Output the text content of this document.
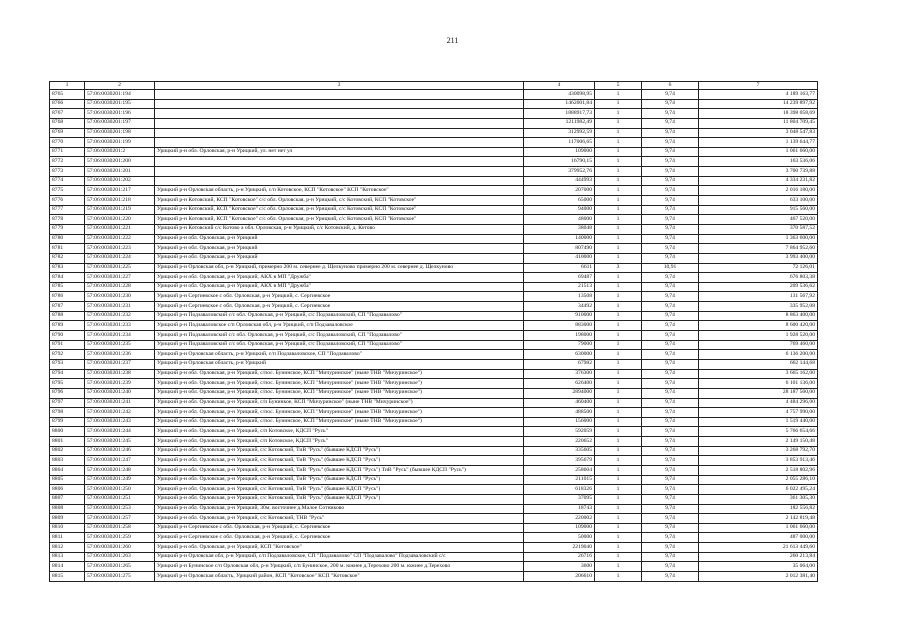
211
1	2	3	4	5	6	7
8765	57:06:0030201:194		430098,95	1	9,74	4 189 163,77
8766	57:06:0030201:195		1462001,84	1	9,74	14 239 897,92
8767	57:06:0030201:196		1888917,73	1	9,74	18 398 058,69
8768	57:06:0030201:197		1211982,49	1	9,74	11 804 709,45
8769	57:06:0030201:198		312992,59	1	9,74	3 048 547,83
8770	57:06:0030201:199		117006,65	1	9,74	1 139 644,77
8771	57:06:0030201:2	Урицкий р-н обл. Орловская, р-н Урицкий, ул. нет нет ул	109000	1	9,74	1 061 660,00
8772	57:06:0030201:200		16790,15	1	9,74	163 536,06
8773	57:06:0030201:201		379952,76	1	9,74	3 700 739,88
8774	57:06:0030201:202		444993	1	9,74	4 334 231,82
8775	57:06:0030201:217	Урицкий р-н Орловская область, р-н Урицкий, с/п Котовское, КСП "Котовское" КСП "Котовское"	207000	1	9,74	2 016 180,00
8776	57:06:0030201:218	Урицкий р-н Котовский, КСП "Котовское" с/с обл. Орловская, р-н Урицкий, с/с Котовский, КСП "Котовское"	65000	1	9,74	633 100,00
8777	57:06:0030201:219	Урицкий р-н Котовский, КСП "Котовское" с/с обл. Орловская, р-н Урицкий, с/с Котовский, КСП "Котовское"	94000	1	9,74	915 560,00
8778	57:06:0030201:220	Урицкий р-н Котовский, КСП "Котовское" с/с обл. Орловская, р-н Урицкий, с/с Котовский, КСП "Котовское"	48000	1	9,74	467 520,00
8779	57:06:0030201:221	Урицкий р-н Котовский с/с Котово а обл. Орловская, р-н Урицкий, с/с Котовский, д. Котово	38048	1	9,74	370 587,52
8780	57:06:0030201:222	Урицкий р-н обл. Орловская, р-н Урицкий	140000	1	9,74	1 363 600,00
8781	57:06:0030201:223	Урицкий р-н обл. Орловская, р-н Урицкий	807490	1	9,74	7 864 952,60
8782	57:06:0030201:224	Урицкий р-н обл. Орловская, р-н Урицкий	410000	1	9,74	3 993 400,00
8783	57:06:0030201:225	Урицкий р-н Орловская обл, р-н Урицкий, примерно 200 м. севернее д. Щелкуново примерно 200 м. севернее д. Щелкуново	6611	3	10,91	72 126,01
8784	57:06:0030201:227	Урицкий р-н обл. Орловская, р-н Урицкий, АКХ в МП "Дружба"	69487	1	9,74	676 803,38
8785	57:06:0030201:228	Урицкий р-н обл. Орловская, р-н Урицкий, АКХ в МП "Дружба"	21513	1	9,74	209 536,62
8786	57:06:0030201:230	Урицкий р-н Сергиевское с обл. Орловская, р-н Урицкий, с. Сергиевское	13508	1	9,74	131 567,92
8787	57:06:0030201:231	Урицкий р-н Сергиевское с обл. Орловская, р-н Урицкий, с. Сергиевское	34492	1	9,74	335 952,08
8788	57:06:0030201:232	Урицкий р-н Подзаваловский с/с обл. Орловская, р-н Урицкий, с/с Подзаваловский, СП "Подзавалово"	910000	1	9,74	8 863 400,00
8789	57:06:0030201:233	Урицкий р-н Подзаваловское с/п Орловская обл, р-н Урицкий, с/п Подзаваловское	883000	1	9,74	8 600 420,00
8790	57:06:0030201:234	Урицкий р-н Подзаваловский с/с обл. Орловская, р-н Урицкий, с/с Подзаваловский, СП "Подзавалово"	198000	1	9,74	1 928 520,00
8791	57:06:0030201:235	Урицкий р-н Подзаваловский с/с обл. Орловская, р-н Урицкий, с/с Подзаваловский, СП "Подзавалово"	79000	1	9,74	769 460,00
8792	57:06:0030201:236	Урицкий р-н Орловская область, р-н Урицкий, с/п Подзаваловское, СП "Подзавалово"	630000	1	9,74	6 136 200,00
8793	57:06:0030201:237	Урицкий р-н Орловская область, р-н Урицкий	67982	1	9,74	662 144,68
8794	57:06:0030201:238	Урицкий р-н обл. Орловская, р-н Урицкий, с/пос. Бунинское, КСП "Мичуринское" (ныне ТНВ "Мичуринское")	376300	1	9,74	3 665 162,00
8795	57:06:0030201:239	Урицкий р-н обл. Орловская, р-н Урицкий, с/пос. Бунинское, КСП "Мичуринское" (ныне ТНВ "Мичуринское")	626400	1	9,74	6 101 136,00
8796	57:06:0030201:240	Урицкий р-н обл. Орловская, р-н Урицкий, с/пос. Бунинское, КСП "Мичуринское" (ныне ТНВ "Мичуринское")	2894000	1	9,74	28 187 560,00
8797	57:06:0030201:241	Урицкий р-н обл. Орловская, р-н Урицкий, с/п Бунинкое, КСП "Мичуринское" (ныне ТНВ "Мичуринское")	460400	1	9,74	4 484 296,00
8798	57:06:0030201:242	Урицкий р-н обл. Орловская, р-н Урицкий, с/пос. Бунинское, КСП "Мичуринское" (ныне ТНВ "Мичуринское")	488500	1	9,74	4 757 990,00
8799	57:06:0030201:243	Урицкий р-н обл. Орловская, р-н Урицкий, с/пос. Бунинское, КСП "Мичуринское" (ныне ТНВ "Мичуринское")	156000	1	9,74	1 519 440,00
8800	57:06:0030201:244	Урицкий р-н обл. Орловская, р-н Урицкий, с/п Котовское, КДСП "Русь"	592059	1	9,74	5 766 654,66
8801	57:06:0030201:245	Урицкий р-н обл. Орловская, р-н Урицкий, с/п Котовское, КДСП "Русь"	220652	1	9,74	2 149 150,48
8802	57:06:0030201:246	Урицкий р-н обл. Орловская, р-н Урицкий, с/с Котовский, ТиВ "Русь" (бывшее КДСП "Русь")	335605	1	9,74	3 268 792,70
8803	57:06:0030201:247	Урицкий р-н обл. Орловская, р-н Урицкий, с/с Котовский, ТиВ "Русь" (бывшее КДСП "Русь")	395679	1	9,74	3 853 913,46
8804	57:06:0030201:248	Урицкий р-н обл. Орловская, р-н Урицкий, с/с Котовский, ТиВ "Русь" (бывшее КДСП "Русь") ТиВ "Русь" (бывшее КДСП "Русь")	258604	1	9,74	2 518 802,96
8805	57:06:0030201:249	Урицкий р-н обл. Орловская, р-н Урицкий, с/с Котовский, ТиВ "Русь" (бывшее КДСП "Русь")	211015	1	9,74	2 055 286,10
8806	57:06:0030201:250	Урицкий р-н обл. Орловская, р-н Урицкий, с/с Котовский, ТиВ "Русь" (бывшее КДСП "Русь")	618326	1	9,74	6 022 495,24
8807	57:06:0030201:251	Урицкий р-н обл. Орловская, р-н Урицкий, с/с Котовский, ТиВ "Русь" (бывшее КДСП "Русь")	37095	1	9,74	361 305,30
8808	57:06:0030201:253	Урицкий р-н обл. Орловская, р-н Урицкий, 30м. восточнее д.Малое Сотниково	18743	1	9,74	182 556,82
8809	57:06:0030201:257	Урицкий р-н обл. Орловская, р-н Урицкий, с/с Котовский, ТНВ "Русь"	220002	1	9,74	2 142 819,48
8810	57:06:0030201:258	Урицкий р-н Сергиевское с обл. Орловская, р-н Урицкий, с. Сергиевское	109000	1	9,74	1 061 660,00
8811	57:06:0030201:259	Урицкий р-н Сергиевское с обл. Орловская, р-н Урицкий, с. Сергиевское	50000	1	9,74	487 000,00
8812	57:06:0030201:260	Урицкий р-н обл. Орловская, р-н Урицкий, КСП "Котовское"	2219040	1	9,74	21 613 449,60
8813	57:06:0030201:263	Урицкий р-н Орловская обл, р-н Урицкий, с/п Подзаваловское, СП "Подзавалово" СП "Подзавалово" Подзаваловский с/с	26716	1	9,74	260 213,84
8814	57:06:0030201:265	Урицкий р-н Бунинское с/п Орловская обл, р-н Урицкий, с/п Бунинское, 200 м. южнее д.Терехово 200 м. южнее д.Терехово	3600	1	9,74	35 064,00
8815	57:06:0030201:275	Урицкий р-н Орловская область, Урицкий район, КСП "Котовское" КСП "Котовское"	206610	1	9,74	2 012 381,40
